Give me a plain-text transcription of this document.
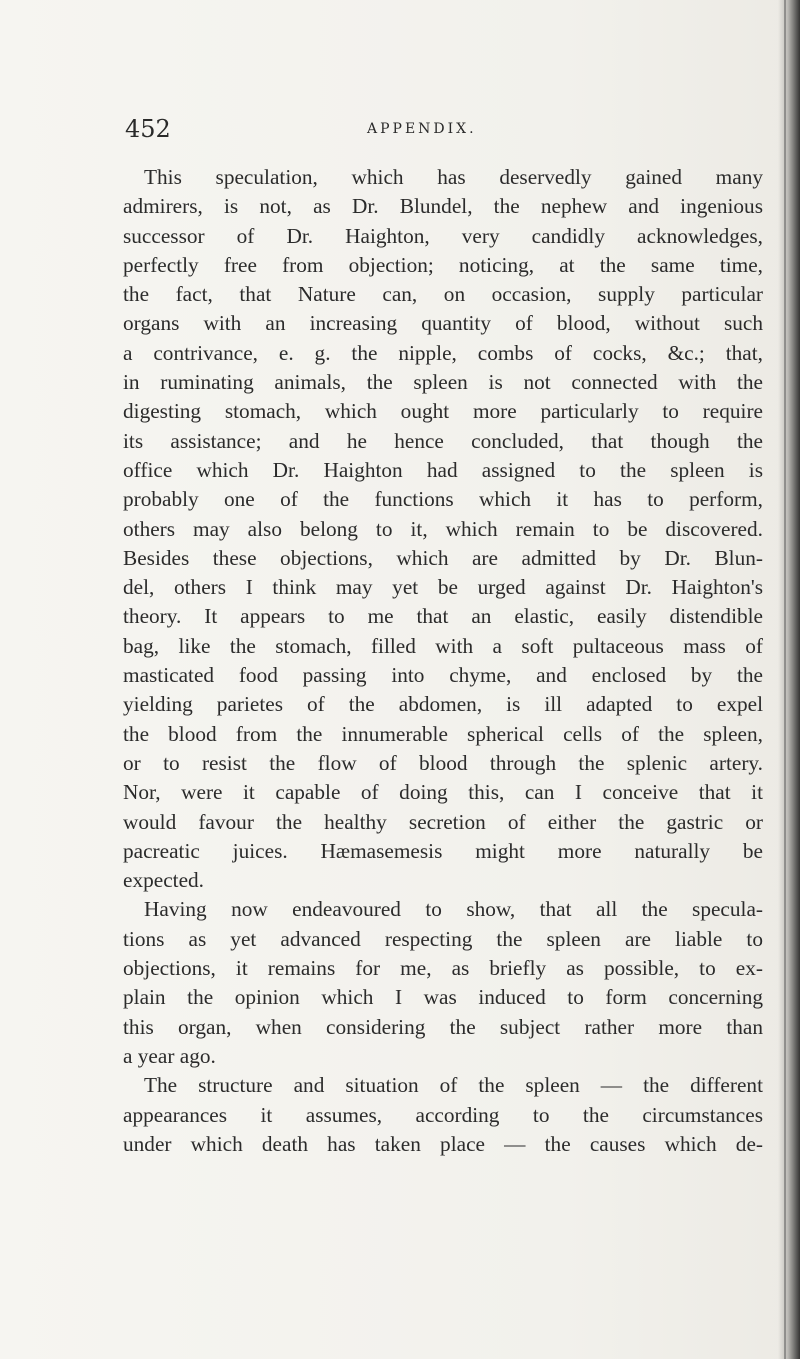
452	APPENDIX.
This speculation, which has deservedly gained many
admirers, is not, as Dr. Blundel, the nephew and ingenious
successor of Dr. Haighton, very candidly acknowledges,
perfectly free from objection; noticing, at the same time,
the fact, that Nature can, on occasion, supply particular
organs with an increasing quantity of blood, without such
a contrivance, e. g. the nipple, combs of cocks, &c.; that,
in ruminating animals, the spleen is not connected with the
digesting stomach, which ought more particularly to require
its assistance; and he hence concluded, that though the
office which Dr. Haighton had assigned to the spleen is
probably one of the functions which it has to perform,
others may also belong to it, which remain to be discovered.
Besides these objections, which are admitted by Dr. Blun-
del, others I think may yet be urged against Dr. Haighton's
theory. It appears to me that an elastic, easily distendible
bag, like the stomach, filled with a soft pultaceous mass of
masticated food passing into chyme, and enclosed by the
yielding parietes of the abdomen, is ill adapted to expel
the blood from the innumerable spherical cells of the spleen,
or to resist the flow of blood through the splenic artery.
Nor, were it capable of doing this, can I conceive that it
would favour the healthy secretion of either the gastric or
pacreatic juices. Hæmasemesis might more naturally be
expected.
Having now endeavoured to show, that all the specula-
tions as yet advanced respecting the spleen are liable to
objections, it remains for me, as briefly as possible, to ex-
plain the opinion which I was induced to form concerning
this organ, when considering the subject rather more than
a year ago.
The structure and situation of the spleen — the different
appearances it assumes, according to the circumstances
under which death has taken place — the causes which de-
